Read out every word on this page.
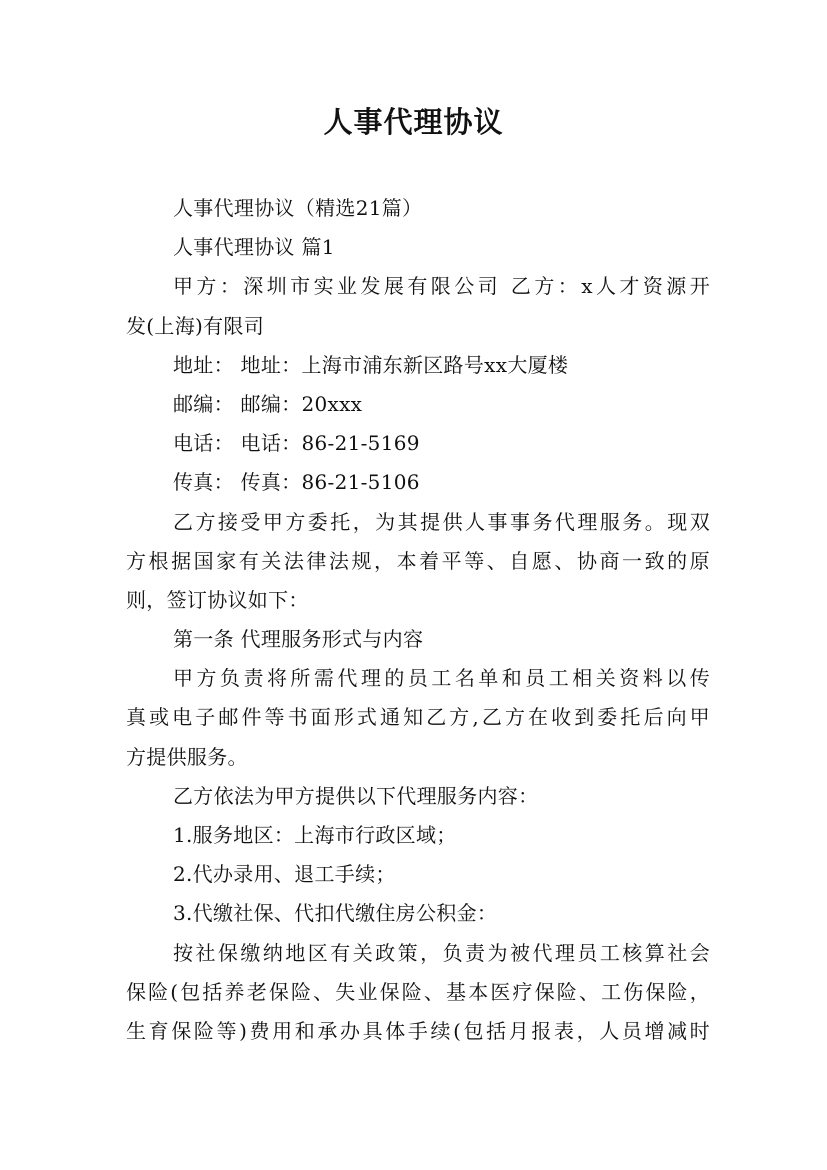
人事代理协议
人事代理协议（精选21篇）
人事代理协议 篇1
甲方：深圳市实业发展有限公司 乙方：x人才资源开
发(上海)有限司
地址： 地址：上海市浦东新区路号xx大厦楼
邮编： 邮编：20xxx
电话： 电话：86-21-5169
传真： 传真：86-21-5106
乙方接受甲方委托，为其提供人事事务代理服务。现双
方根据国家有关法律法规，本着平等、自愿、协商一致的原
则，签订协议如下：
第一条 代理服务形式与内容
甲方负责将所需代理的员工名单和员工相关资料以传
真或电子邮件等书面形式通知乙方,乙方在收到委托后向甲
方提供服务。
乙方依法为甲方提供以下代理服务内容：
1.服务地区：上海市行政区域；
2.代办录用、退工手续；
3.代缴社保、代扣代缴住房公积金：
按社保缴纳地区有关政策，负责为被代理员工核算社会
保险(包括养老保险、失业保险、基本医疗保险、工伤保险，
生育保险等)费用和承办具体手续(包括月报表，人员增减时
